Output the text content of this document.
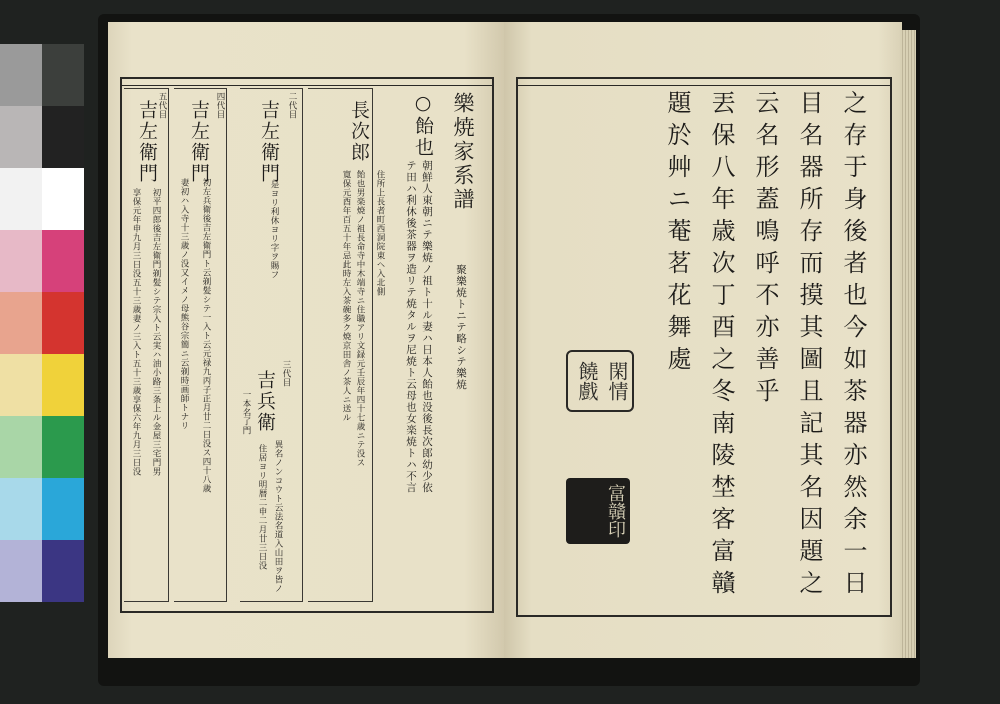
樂焼家系譜
聚樂焼トニテ略シテ樂焼
○飴也
朝鮮人東朝ニテ樂焼ノ祖ト十ル妻ハ日本人飴也没後長次郎幼少依
テ田ハ利休後茶器ヲ造リテ焼タルヲ尼焼ト云母也女楽焼トハ不言
長次郎
飴也男楽焼ノ祖長命寺中木端寺ニ住職アリ文録元壬辰年四十七歳ニテ没ス
寛保元酉年百五十年忌此時左入茶碗多ク焼京田舎ノ茶人ニ送ル	住所上長者町西洞院東ヘ入北側
二代目
吉左衛門
是ヨリ利休ヨリ字ヲ賜フ
三代目
吉兵衛
一本名了門
異名ノンコウト云法名道入山田ヲ皆ノ
住居ヨリ明暦二申二月廿三日没
四代目
吉左衛門
初左兵衛後吉左衛門ト云剃髪シテ一入ト云元禄九丙子正月廿二日没ス四十八歳
妻初ハ入寺十三歳ノ没又イメノ母熊谷宗簡ニ云剃時画師トナリ
五代目
吉左衛門
初平四郎後吉左衛門剃髪シテ宗入ト云実ハ油小路三条上ル金屋三宅門男
享保元年申九月三日没五十三歳妻ノ三入ト五十三歳享保六年九月三日没	之存于身後者也今如茶器亦然余一日
目名器所存而摸其圖且記其名因題之
云名形蓋鳴呼不亦善乎
丟保八年歳次丁酉之冬南陵埜客富贛
題於艸ニ菴茗花舞處
閑情饒戲
富贛印
